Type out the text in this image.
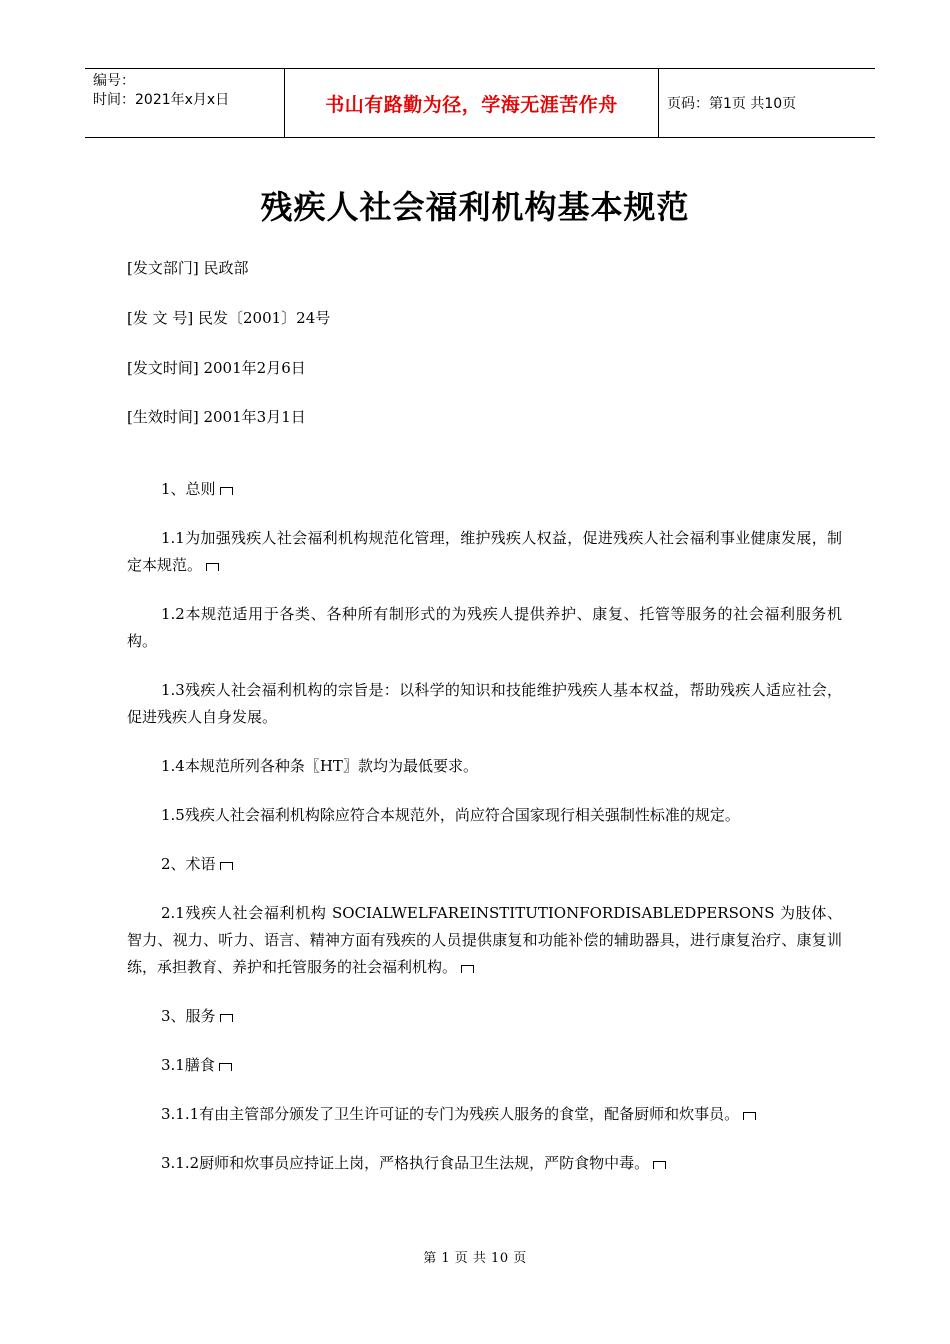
编号：
时间：2021年x月x日	书山有路勤为径，学海无涯苦作舟	页码：第1页 共10页
残疾人社会福利机构基本规范
[发文部门] 民政部
[发 文 号] 民发〔2001〕24号
[发文时间] 2001年2月6日
[生效时间] 2001年3月1日

1、总则

1.1为加强残疾人社会福利机构规范化管理，维护残疾人权益，促进残疾人社会福利事业健康发展，制定本规范。

1.2本规范适用于各类、各种所有制形式的为残疾人提供养护、康复、托管等服务的社会福利服务机构。

1.3残疾人社会福利机构的宗旨是：以科学的知识和技能维护残疾人基本权益，帮助残疾人适应社会，促进残疾人自身发展。

1.4本规范所列各种条〖HT〗款均为最低要求。

1.5残疾人社会福利机构除应符合本规范外，尚应符合国家现行相关强制性标准的规定。

2、术语

2.1残疾人社会福利机构 SOCIALWELFAREINSTITUTIONFORDISABLEDPERSONS 为肢体、智力、视力、听力、语言、精神方面有残疾的人员提供康复和功能补偿的辅助器具，进行康复治疗、康复训练，承担教育、养护和托管服务的社会福利机构。

3、服务

3.1膳食

3.1.1有由主管部分颁发了卫生许可证的专门为残疾人服务的食堂，配备厨师和炊事员。

3.1.2厨师和炊事员应持证上岗，严格执行食品卫生法规，严防食物中毒。

第 1 页 共 10 页
